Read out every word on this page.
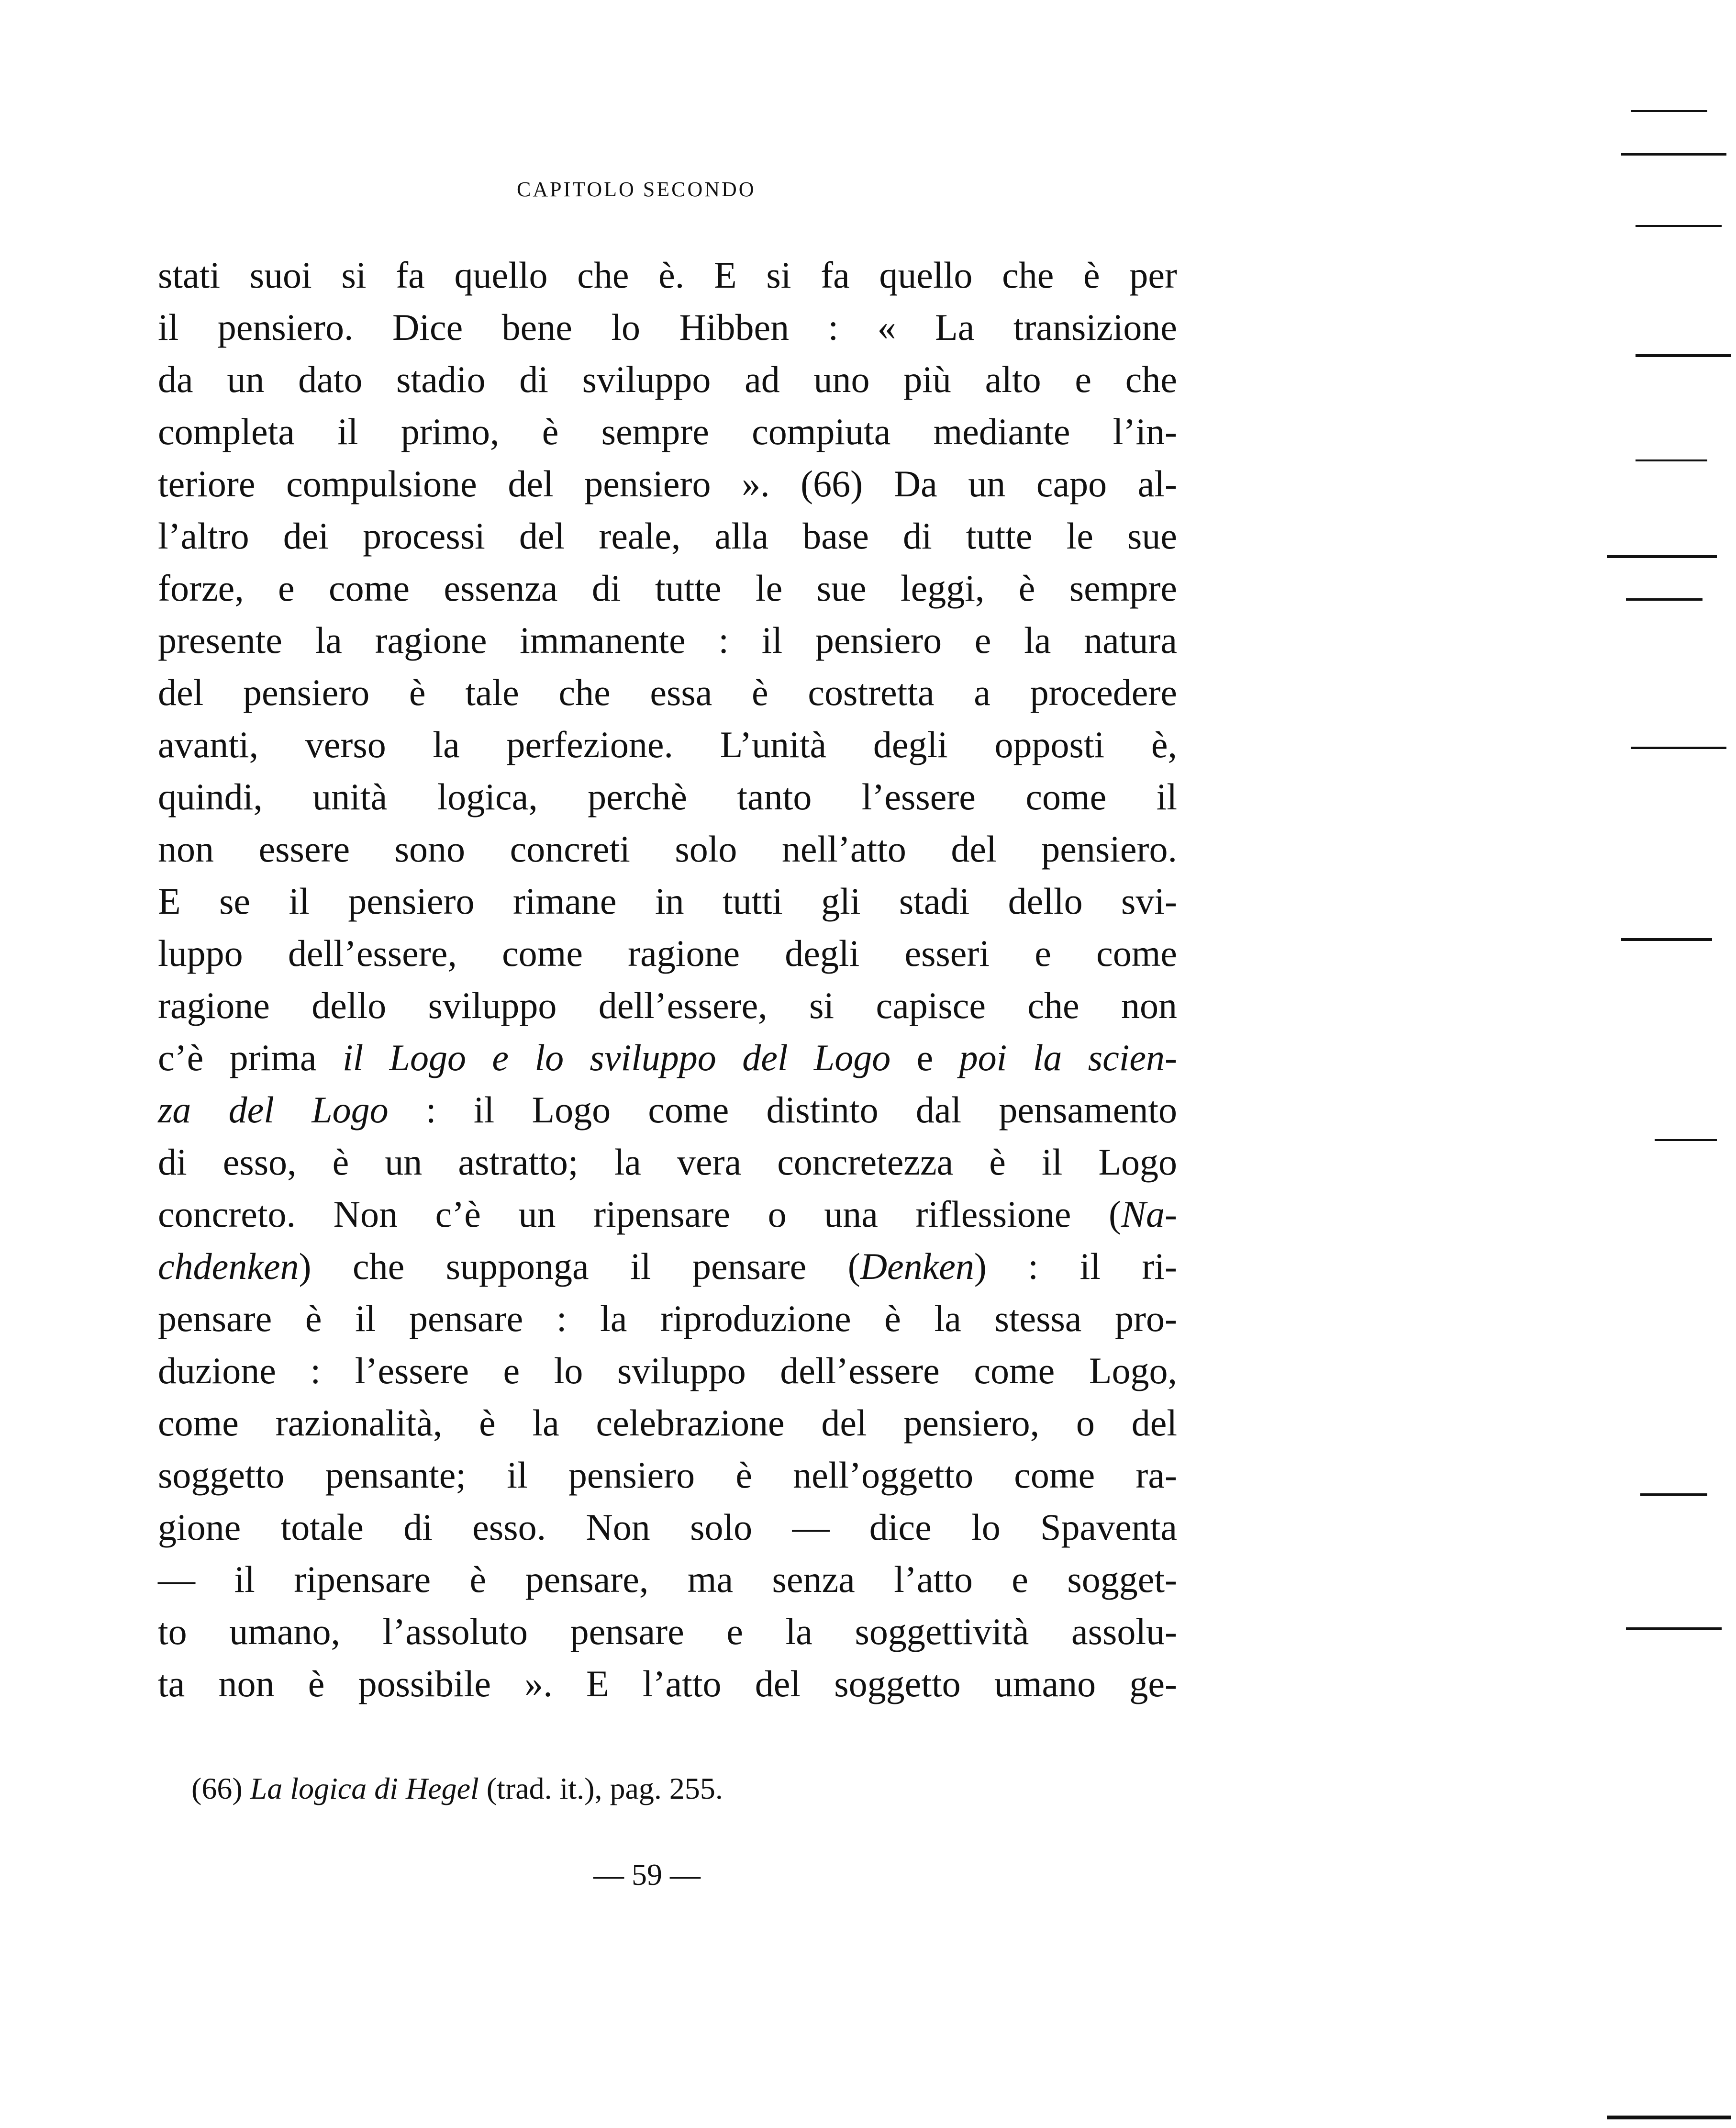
CAPITOLO SECONDO
stati suoi si fa quello che è. E si fa quello che è per
il pensiero. Dice bene lo Hibben : « La transizione
da un dato stadio di sviluppo ad uno più alto e che
completa il primo, è sempre compiuta mediante l’in-
teriore compulsione del pensiero ». (66) Da un capo al-
l’altro dei processi del reale, alla base di tutte le sue
forze, e come essenza di tutte le sue leggi, è sempre
presente la ragione immanente : il pensiero e la natura
del pensiero è tale che essa è costretta a procedere
avanti, verso la perfezione. L’unità degli opposti è,
quindi, unità logica, perchè tanto l’essere come il
non essere sono concreti solo nell’atto del pensiero.
E se il pensiero rimane in tutti gli stadi dello svi-
luppo dell’essere, come ragione degli esseri e come
ragione dello sviluppo dell’essere, si capisce che non
c’è prima il Logo e lo sviluppo del Logo e poi la scien-
za del Logo : il Logo come distinto dal pensamento
di esso, è un astratto; la vera concretezza è il Logo
concreto. Non c’è un ripensare o una riflessione (Na-
chdenken) che supponga il pensare (Denken) : il ri-
pensare è il pensare : la riproduzione è la stessa pro-
duzione : l’essere e lo sviluppo dell’essere come Logo,
come razionalità, è la celebrazione del pensiero, o del
soggetto pensante; il pensiero è nell’oggetto come ra-
gione totale di esso. Non solo — dice lo Spaventa
— il ripensare è pensare, ma senza l’atto e sogget-
to umano, l’assoluto pensare e la soggettività assolu-
ta non è possibile ». E l’atto del soggetto umano ge-
(66) La logica di Hegel (trad. it.), pag. 255.
— 59 —
